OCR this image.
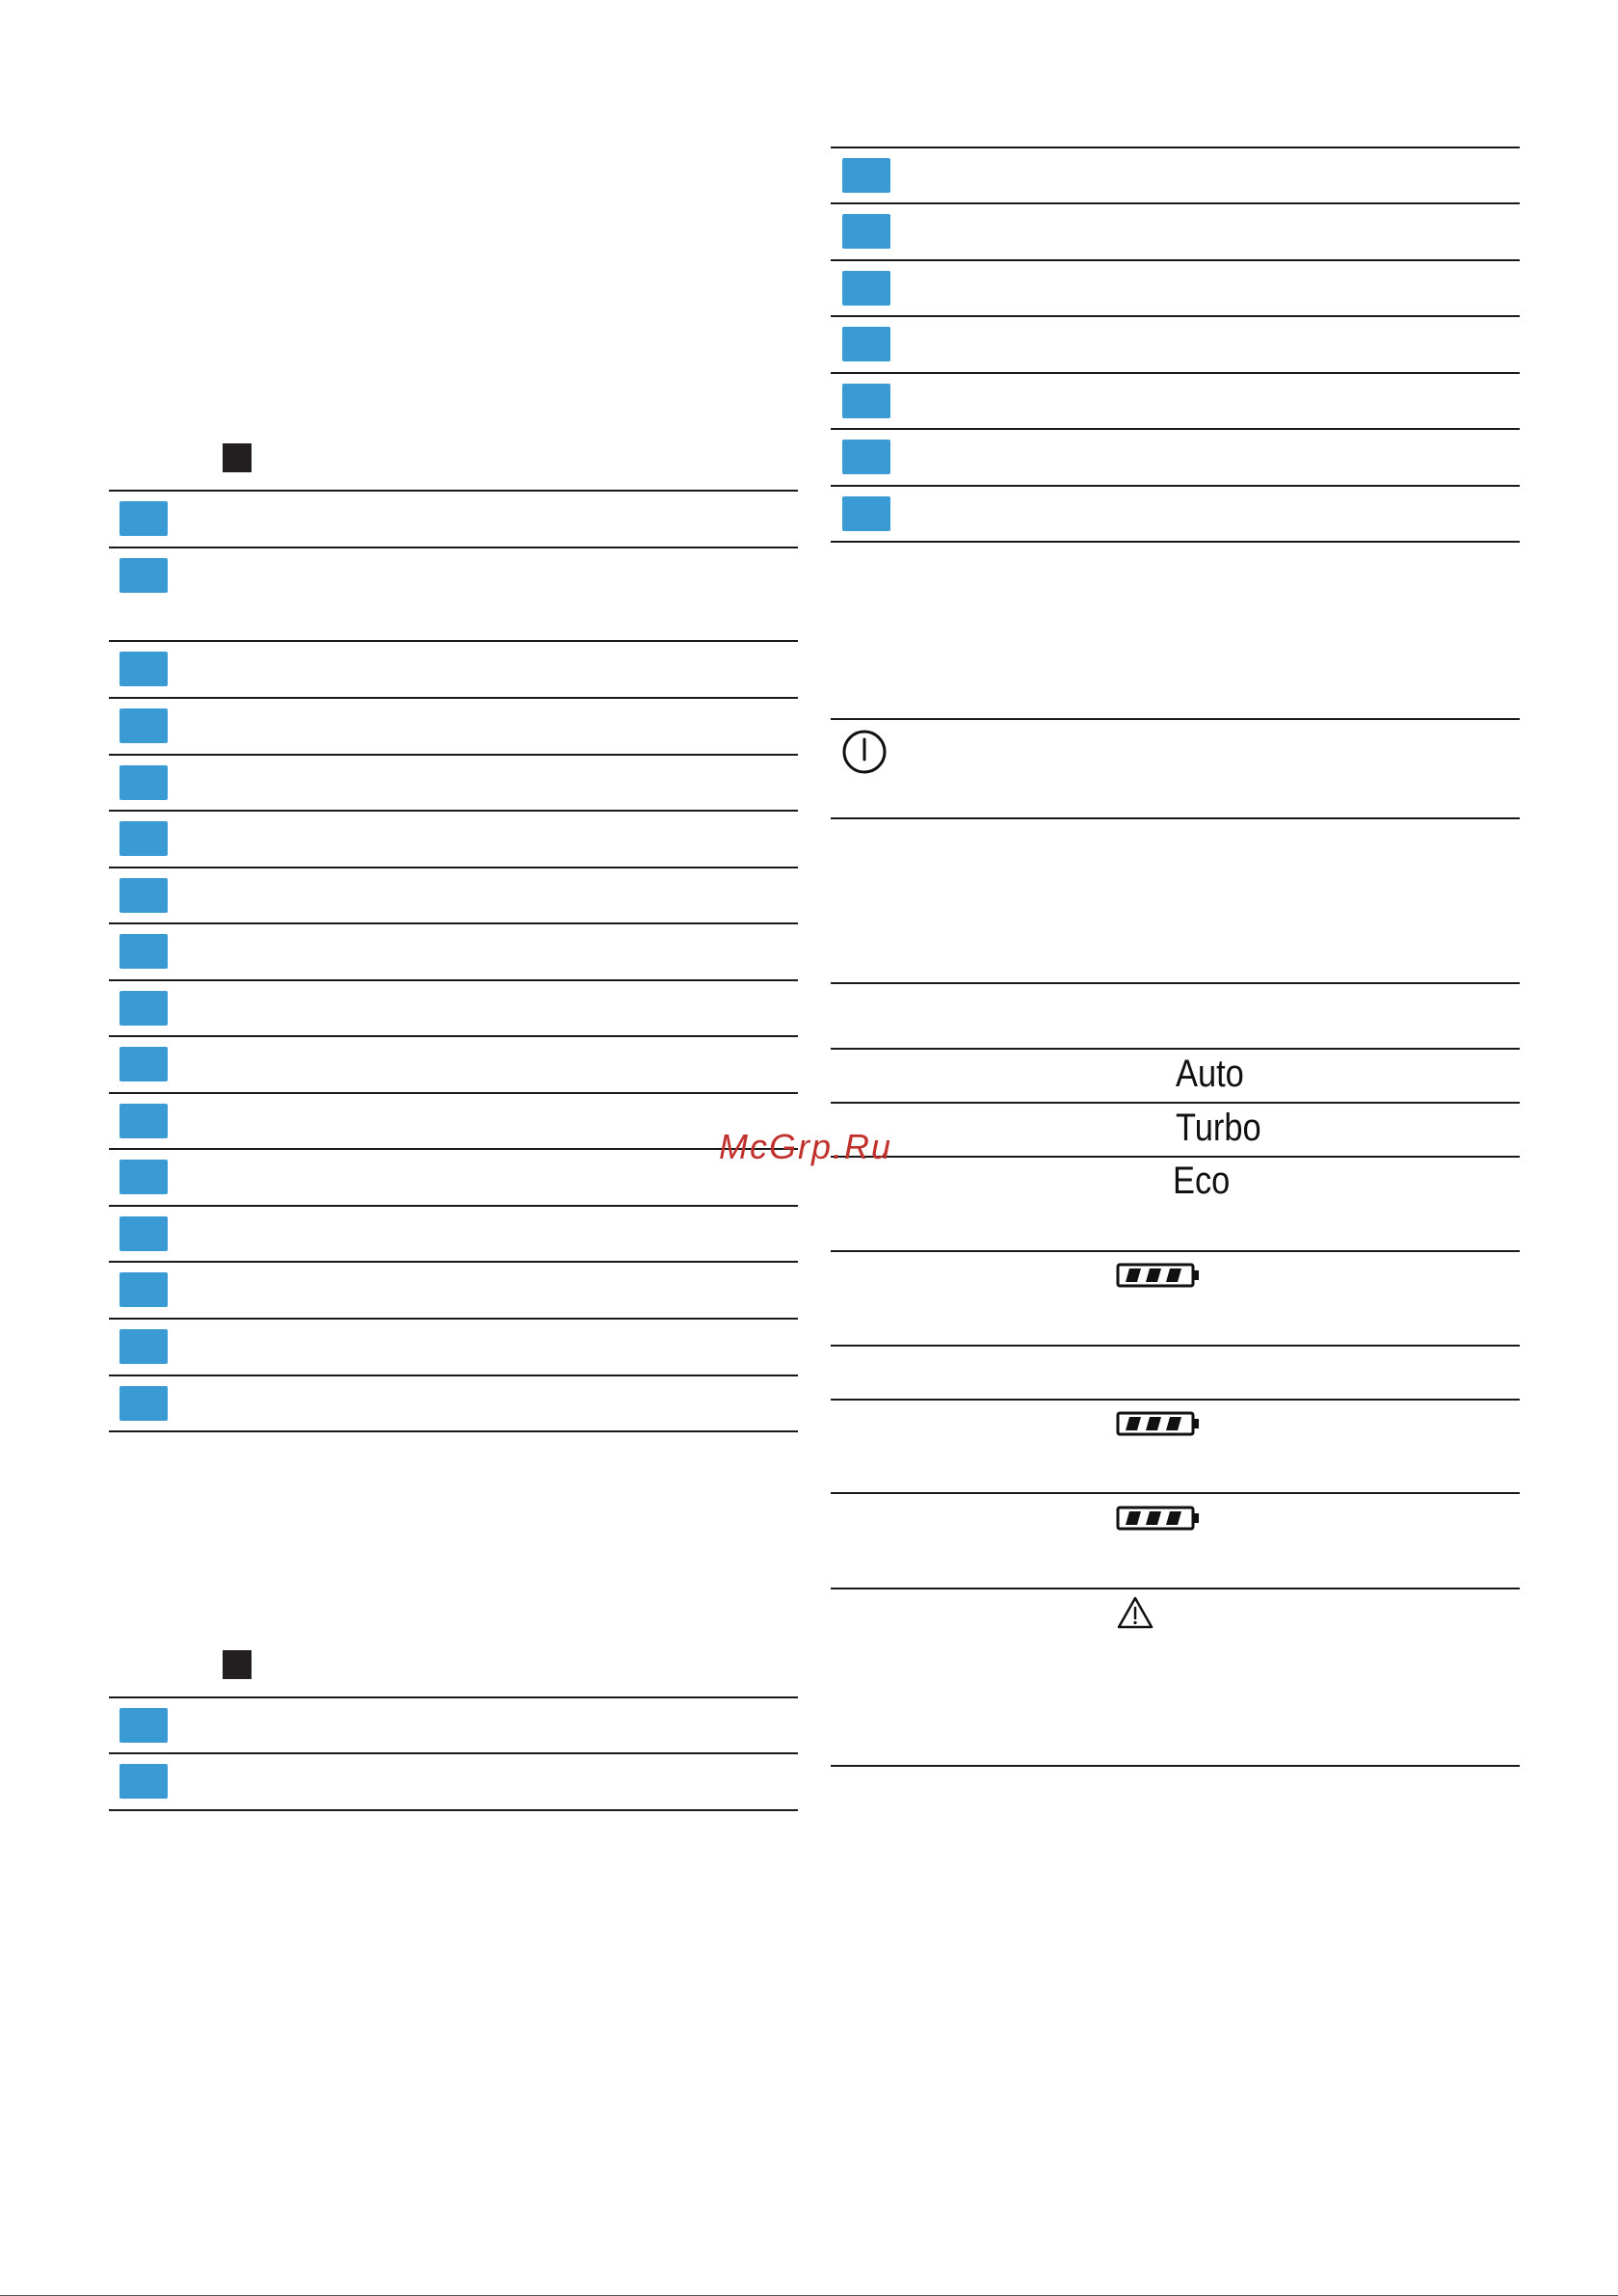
Auto
Turbo
Eco
McGrp.Ru
